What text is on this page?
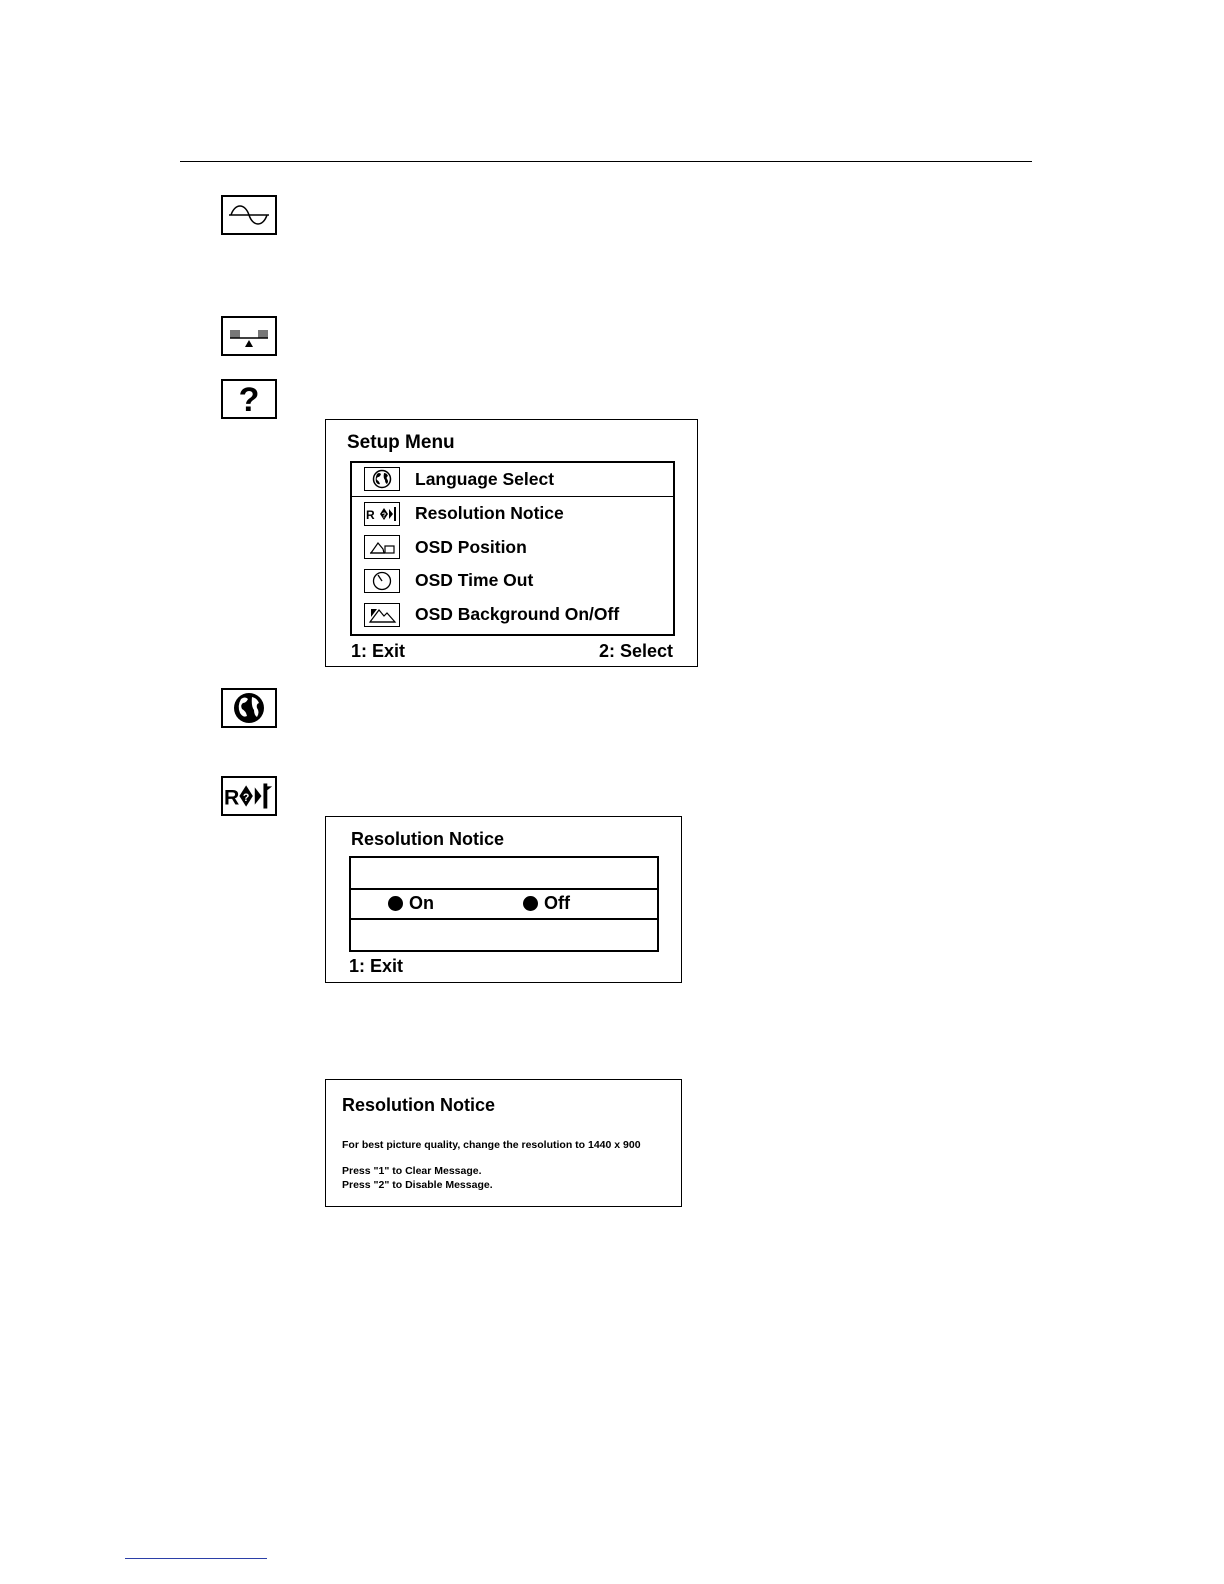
?
Setup Menu
Language Select
R ? Resolution Notice
OSD Position
OSD Time Out
OSD Background On/Off
1: Exit	2: Select
R ?
Resolution Notice
On	Off
1: Exit
Resolution Notice
For best picture quality, change the resolution to 1440 x 900
Press "1" to Clear Message.
Press "2" to Disable Message.
